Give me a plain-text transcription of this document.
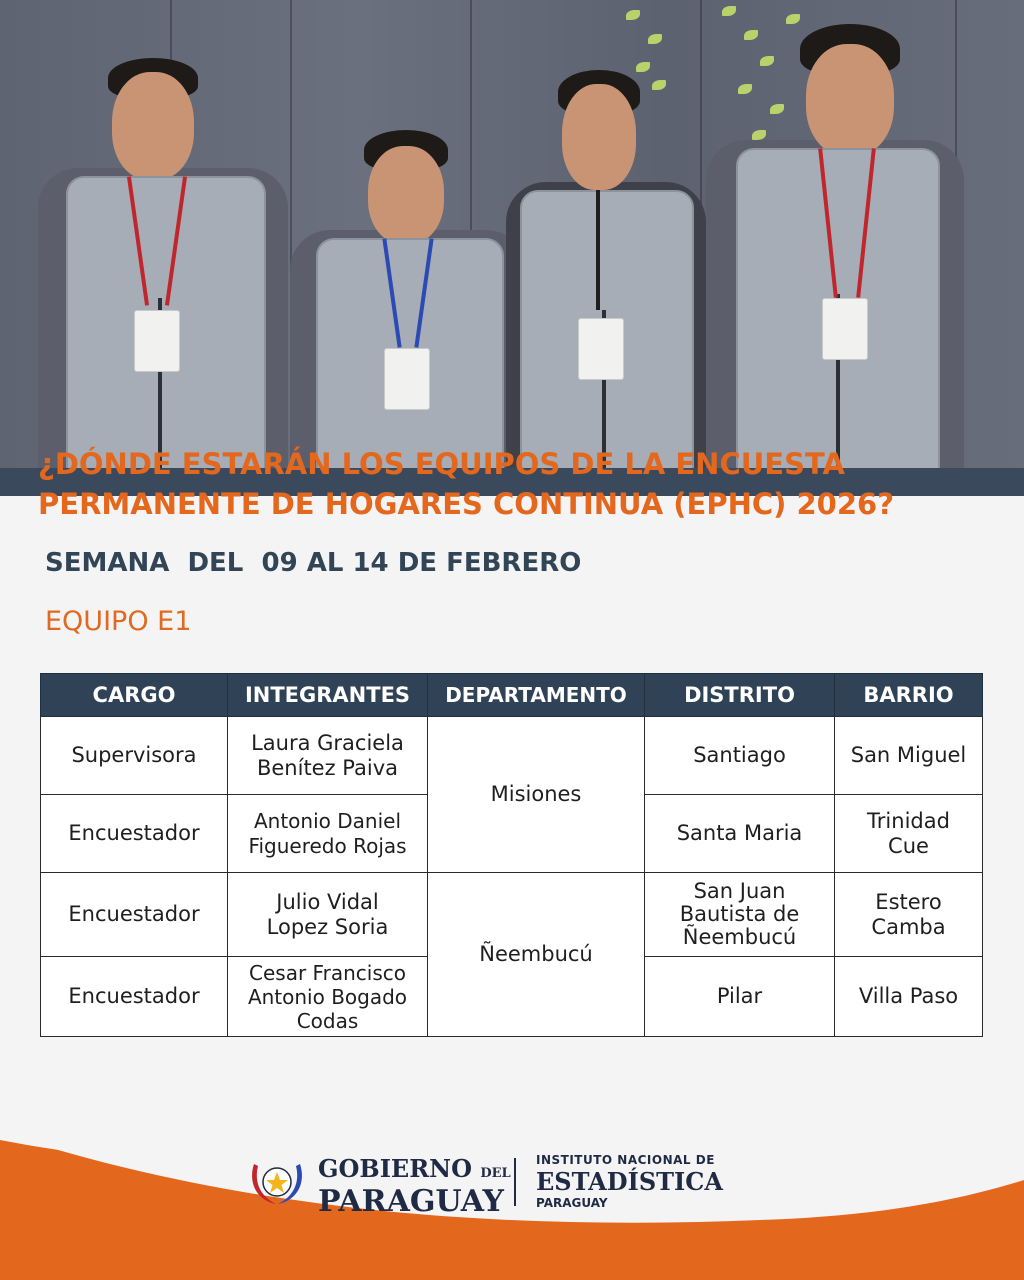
¿DÓNDE ESTARÁN LOS EQUIPOS DE LA ENCUESTA
PERMANENTE DE HOGARES CONTINUA (EPHC) 2026?

SEMANA  DEL  09 AL 14 DE FEBRERO

EQUIPO E1

CARGO	INTEGRANTES	DEPARTAMENTO	DISTRITO	BARRIO
Supervisora	Laura Graciela Benítez Paiva	Misiones	Santiago	San Miguel
Encuestador	Antonio Daniel Figueredo Rojas		Santa Maria	Trinidad Cue
Encuestador	Julio Vidal Lopez Soria	Ñeembucú	San Juan Bautista de Ñeembucú	Estero Camba
Encuestador	Cesar Francisco Antonio Bogado Codas		Pilar	Villa Paso
GOBIERNO DEL
PARAGUAY
INSTITUTO NACIONAL DE
ESTADÍSTICA
PARAGUAY
